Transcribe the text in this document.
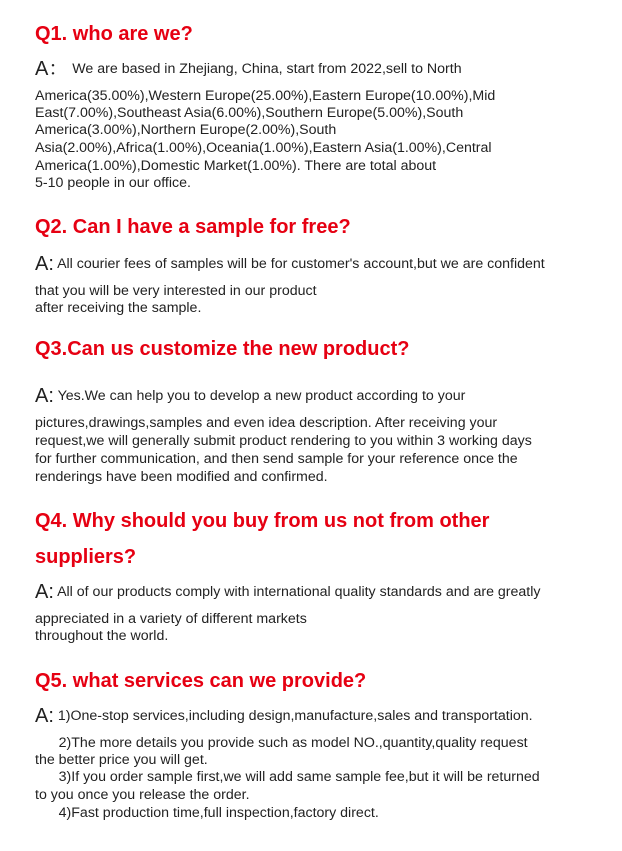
Q1. who are we?
A： We are based in Zhejiang, China, start from 2022,sell to North
America(35.00%),Western Europe(25.00%),Eastern Europe(10.00%),Mid
East(7.00%),Southeast Asia(6.00%),Southern Europe(5.00%),South
America(3.00%),Northern Europe(2.00%),South
Asia(2.00%),Africa(1.00%),Oceania(1.00%),Eastern Asia(1.00%),Central
America(1.00%),Domestic Market(1.00%). There are total about
5-10 people in our office.
Q2. Can I have a sample for free?
A: All courier fees of samples will be for customer's account,but we are confident
that you will be very interested in our product
after receiving the sample.
Q3.Can us customize the new product?
A: Yes.We can help you to develop a new product according to your
pictures,drawings,samples and even idea description. After receiving your
request,we will generally submit product rendering to you within 3 working days
for further communication, and then send sample for your reference once the
renderings have been modified and confirmed.
Q4. Why should you buy from us not from other
suppliers?
A: All of our products comply with international quality standards and are greatly
appreciated in a variety of different markets
throughout the world.
Q5. what services can we provide?
A: 1)One-stop services,including design,manufacture,sales and transportation.
2)The more details you provide such as model NO.,quantity,quality request
the better price you will get.
3)If you order sample first,we will add same sample fee,but it will be returned
to you once you release the order.
4)Fast production time,full inspection,factory direct.
